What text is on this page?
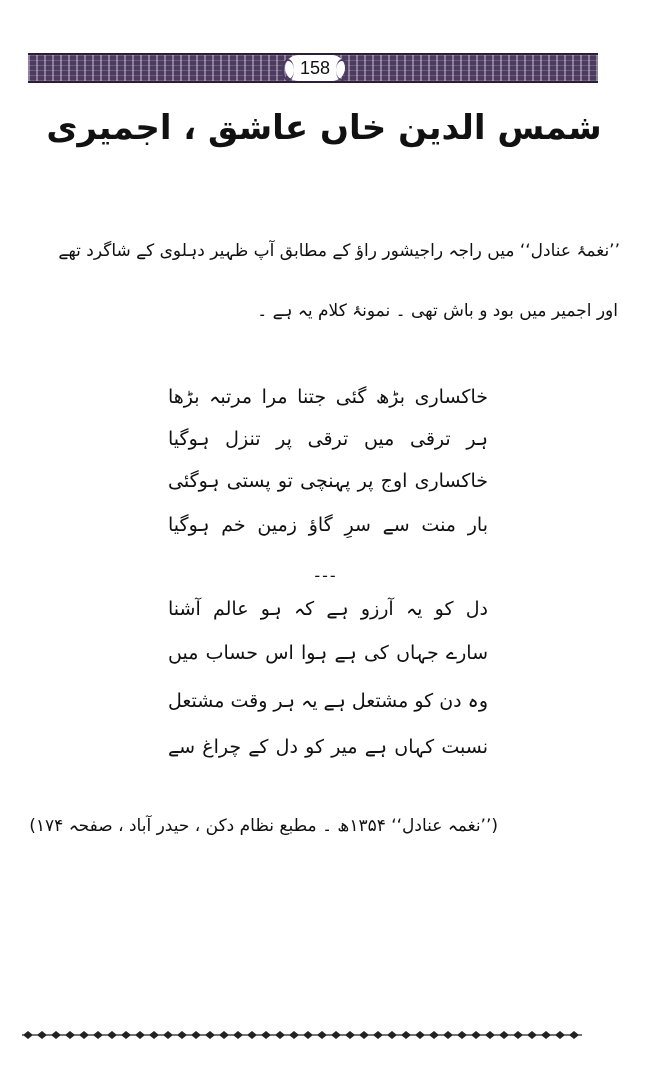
158
شمس الدین خاں عاشق ، اجمیری
’’نغمۂ عنادل‘‘ میں راجہ راجیشور راؤ کے مطابق آپ ظہیر دہلوی کے شاگرد تھے
اور اجمیر میں بود و باش تھی ۔ نمونۂ کلام یہ ہے ۔
خاکساری بڑھ گئی جتنا مرا مرتبہ بڑھا
ہر ترقی میں ترقی پر تنزل ہوگیا
خاکساری اوج پر پہنچی تو پستی ہوگئی
بار منت سے سرِ گاؤ زمین خم ہوگیا
---
دل کو یہ آرزو ہے کہ ہو عالم آشنا
سارے جہاں کی ہے ہوا اس حساب میں
وہ دن کو مشتعل ہے یہ ہر وقت مشتعل
نسبت کہاں ہے میر کو دل کے چراغ سے
(’’نغمہ عنادل‘‘ ۱۳۵۴ھ ۔ مطبع نظام دکن ، حیدر آباد ، صفحہ ۱۷۴)
